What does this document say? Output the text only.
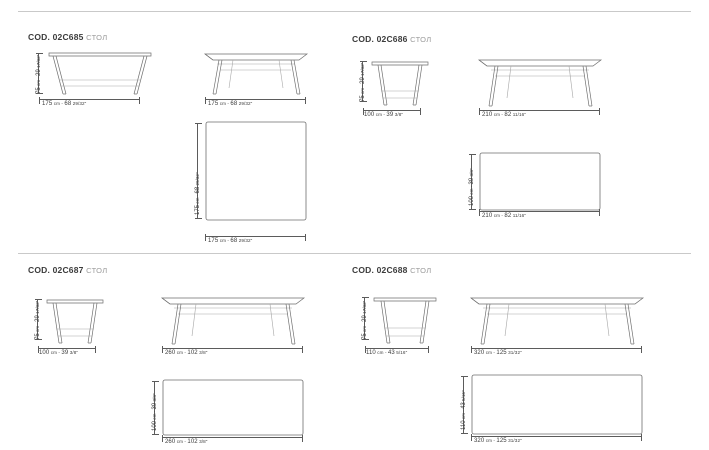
COD. 02C685 СТОЛ
75 cm - 29 17/32"
175 cm - 68 29/32"	175 cm - 68 29/32"
175 cm - 68 29/32"
175 cm - 68 29/32"
COD. 02C686 СТОЛ
75 cm - 29 17/32"
100 cm - 39 3/8"	210 cm - 82 11/16"
100 cm - 39 3/8"
210 cm - 82 11/16"
COD. 02C687 СТОЛ
75 cm - 29 17/32"
100 cm - 39 3/8"	260 cm - 102 3/8"
100 cm - 39 3/8"
260 cm - 102 3/8"
COD. 02C688 СТОЛ
75 cm - 29 17/32"
110 cm - 43 5/16"	320 cm - 125 31/32"
110 cm - 43 5/16"
320 cm - 125 31/32"
